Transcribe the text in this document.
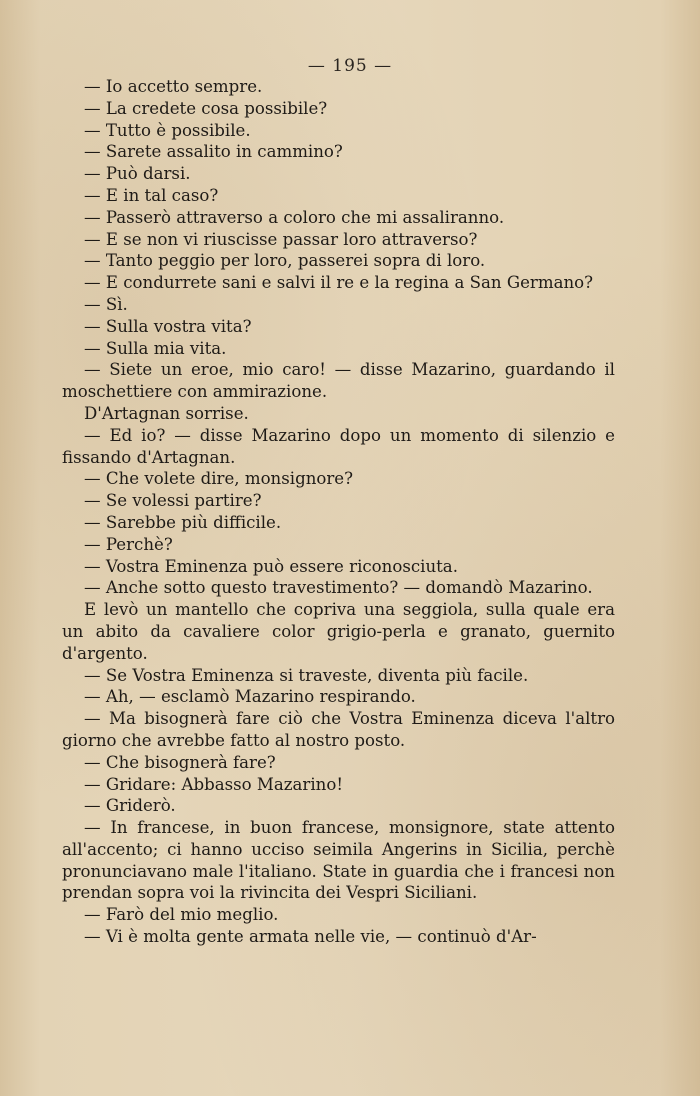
— 195 —

— Io accetto sempre.

— La credete cosa possibile?

— Tutto è possibile.

— Sarete assalito in cammino?

— Può darsi.

— E in tal caso?

— Passerò attraverso a coloro che mi assaliranno.

— E se non vi riuscisse passar loro attraverso?

— Tanto peggio per loro, passerei sopra di loro.

— E condurrete sani e salvi il re e la regina a San Germano?

— Sì.

— Sulla vostra vita?

— Sulla mia vita.

— Siete un eroe, mio caro! — disse Mazarino, guardando il moschettiere con ammirazione.

D'Artagnan sorrise.

— Ed io? — disse Mazarino dopo un momento di silenzio e fissando d'Artagnan.

— Che volete dire, monsignore?

— Se volessi partire?

— Sarebbe più difficile.

— Perchè?

— Vostra Eminenza può essere riconosciuta.

— Anche sotto questo travestimento? — domandò Mazarino.

E levò un mantello che copriva una seggiola, sulla quale era un abito da cavaliere color grigio-perla e granato, guernito d'argento.

— Se Vostra Eminenza si traveste, diventa più facile.

— Ah, — esclamò Mazarino respirando.

— Ma bisognerà fare ciò che Vostra Eminenza diceva l'altro giorno che avrebbe fatto al nostro posto.

— Che bisognerà fare?

— Gridare: Abbasso Mazarino!

— Griderò.

— In francese, in buon francese, monsignore, state attento all'accento; ci hanno ucciso seimila Angerins in Sicilia, perchè pronunciavano male l'italiano. State in guardia che i francesi non prendan sopra voi la rivincita dei Vespri Siciliani.

— Farò del mio meglio.

— Vi è molta gente armata nelle vie, — continuò d'Ar-
